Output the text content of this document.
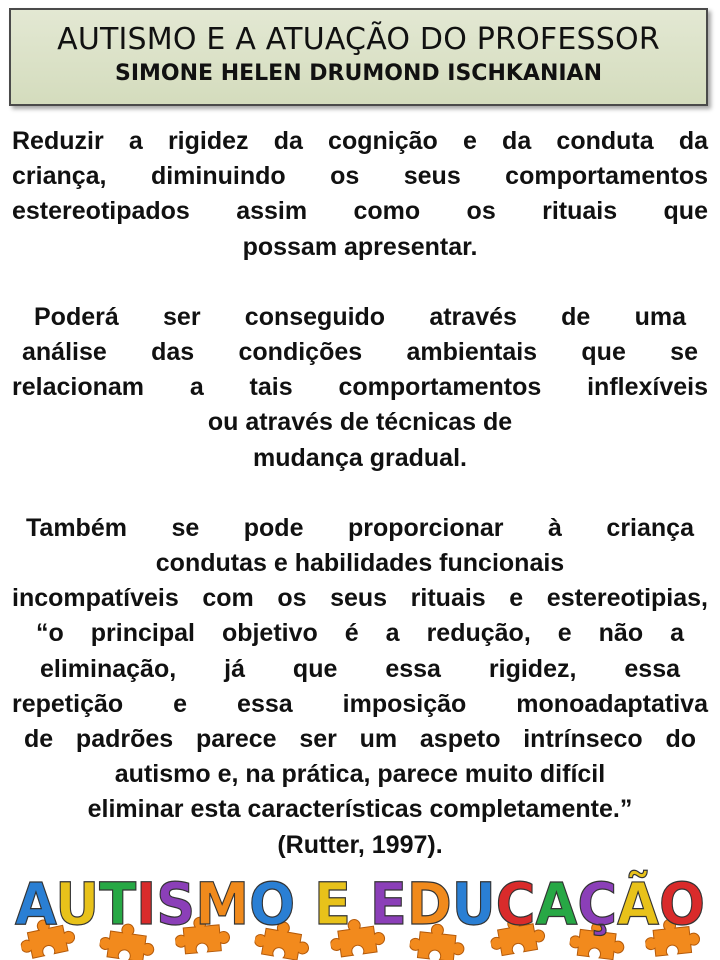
AUTISMO E A ATUAÇÃO DO PROFESSOR
SIMONE HELEN DRUMOND ISCHKANIAN

Reduzir a rigidez da cognição e da conduta da
criança, diminuindo os seus comportamentos
estereotipados assim como os rituais que
possam apresentar.

Poderá ser conseguido através de uma
análise das condições ambientais que se
relacionam a tais comportamentos inflexíveis
ou através de técnicas de
mudança gradual.

Também se pode proporcionar à criança
condutas e habilidades funcionais
incompatíveis com os seus rituais e estereotipias,
“o principal objetivo é a redução, e não a
eliminação, já que essa rigidez, essa
repetição e essa imposição monoadaptativa
de padrões parece ser um aspeto intrínseco do
autismo e, na prática, parece muito difícil
eliminar esta características completamente.”
(Rutter, 1997).

AUTISMO E EDUCAÇÃO
